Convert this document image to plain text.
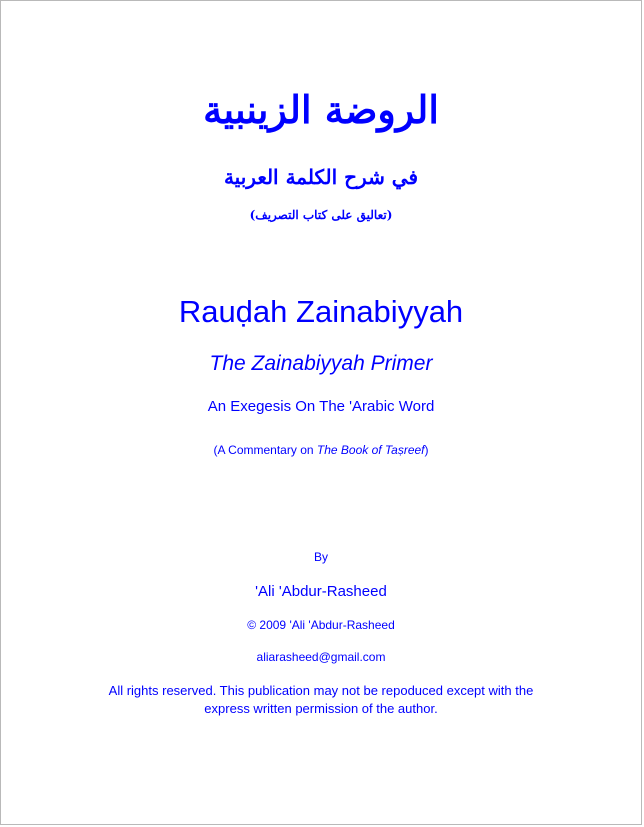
الروضة الزينبية
في شرح الكلمة العربية
(تعاليق على كتاب التصريف)
Rauḍah Zainabiyyah
The Zainabiyyah Primer
An Exegesis On The 'Arabic Word
(A Commentary on The Book of Taṣreef)
By
'Ali 'Abdur-Rasheed
© 2009 'Ali 'Abdur-Rasheed
aliarasheed@gmail.com
All rights reserved. This publication may not be repoduced except with the
express written permission of the author.
